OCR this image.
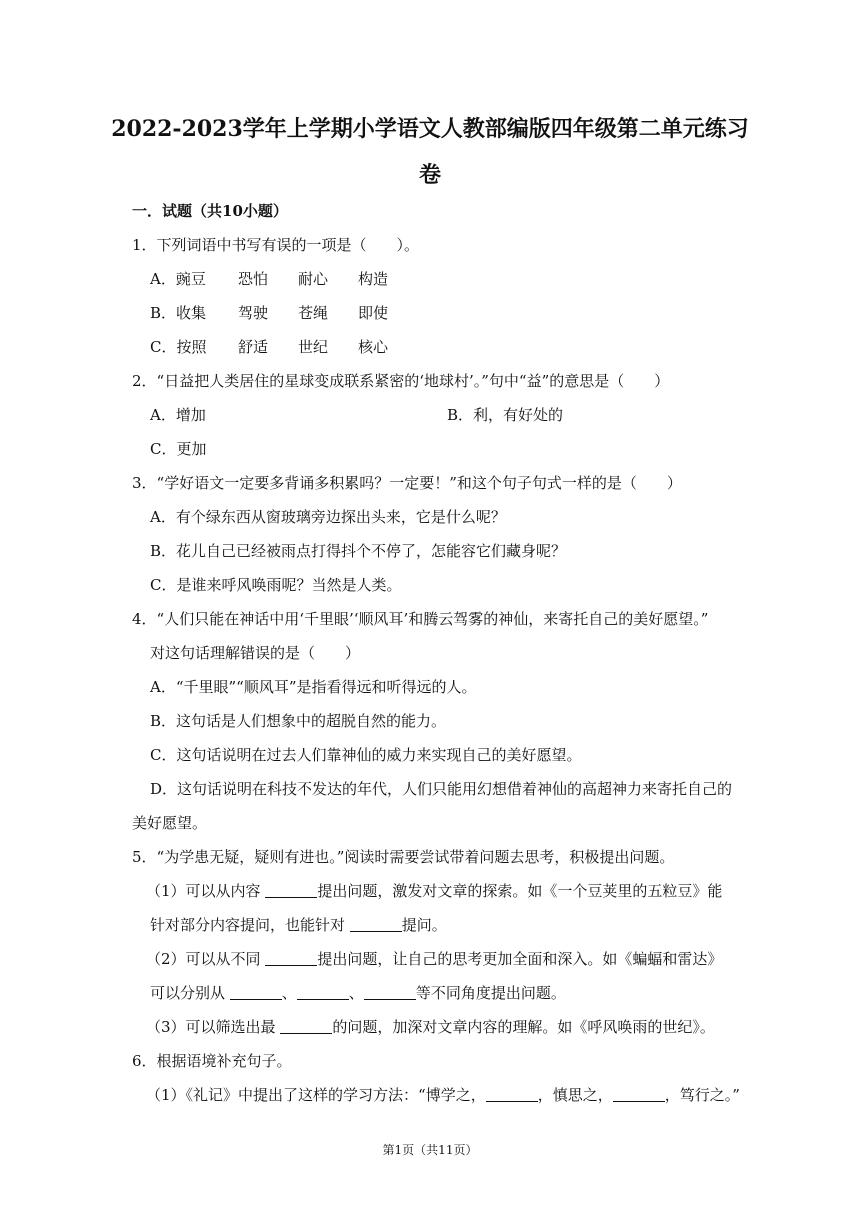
2022-2023学年上学期小学语文人教部编版四年级第二单元练习
卷
一．试题（共10小题）
1．下列词语中书写有误的一项是（　　）。
A．豌豆 恐怕 耐心 构造
B．收集 驾驶 苍绳 即使
C．按照 舒适 世纪 核心
2．“日益把人类居住的星球变成联系紧密的‘地球村’。”句中“益”的意思是（　　）
A．增加	B．利，有好处的
C．更加
3．“学好语文一定要多背诵多积累吗？一定要！”和这个句子句式一样的是（　　）
A．有个绿东西从窗玻璃旁边探出头来，它是什么呢？
B．花儿自己已经被雨点打得抖个不停了，怎能容它们藏身呢？
C．是谁来呼风唤雨呢？当然是人类。
4．“人们只能在神话中用‘千里眼’‘顺风耳’和腾云驾雾的神仙，来寄托自己的美好愿望。”
对这句话理解错误的是（　　）
A．“千里眼”“顺风耳”是指看得远和听得远的人。
B．这句话是人们想象中的超脱自然的能力。
C．这句话说明在过去人们靠神仙的威力来实现自己的美好愿望。
D．这句话说明在科技不发达的年代，人们只能用幻想借着神仙的高超神力来寄托自己的
美好愿望。
5．“为学患无疑，疑则有进也。”阅读时需要尝试带着问题去思考，积极提出问题。
（1）可以从内容	提出问题，激发对文章的探索。如《一个豆荚里的五粒豆》能
针对部分内容提问，也能针对	提问。
（2）可以从不同	提出问题，让自己的思考更加全面和深入。如《蝙蝠和雷达》
可以分别从	、	、	等不同角度提出问题。
（3）可以筛选出最	的问题，加深对文章内容的理解。如《呼风唤雨的世纪》。
6．根据语境补充句子。
（1）《礼记》中提出了这样的学习方法：“博学之，	，慎思之，	，笃行之。”
第1页（共11页）
